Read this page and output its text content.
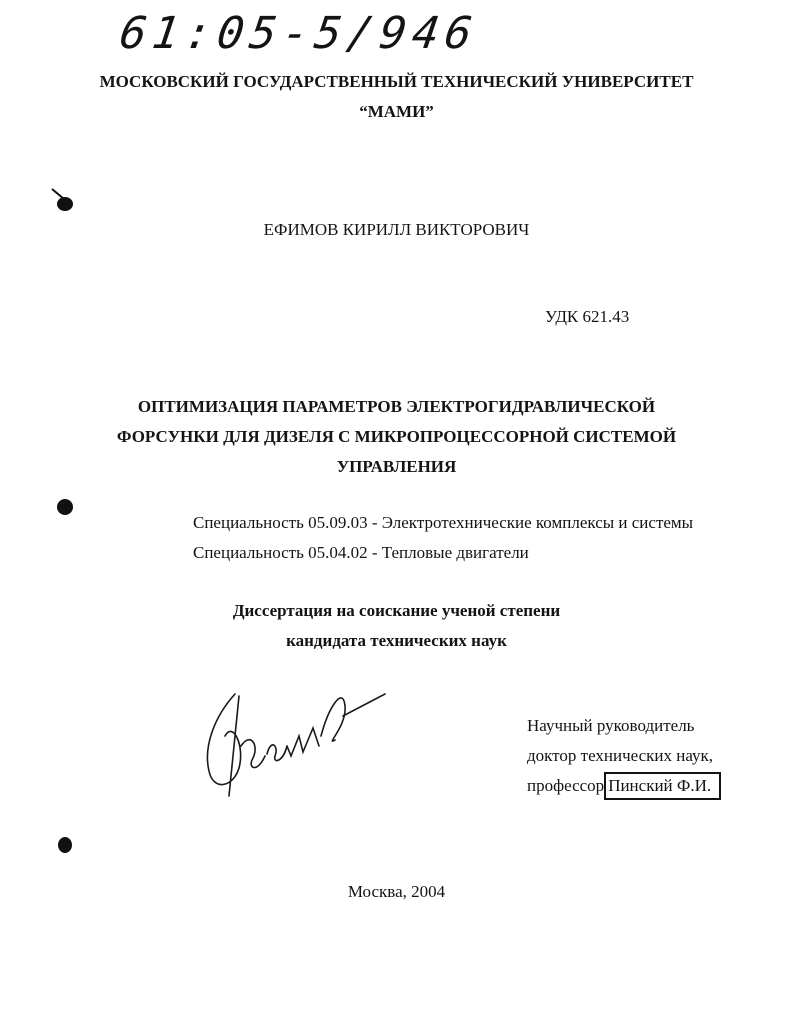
61:05-5/946
МОСКОВСКИЙ ГОСУДАРСТВЕННЫЙ ТЕХНИЧЕСКИЙ УНИВЕРСИТЕТ
“МАМИ”
ЕФИМОВ КИРИЛЛ ВИКТОРОВИЧ
УДК 621.43
ОПТИМИЗАЦИЯ ПАРАМЕТРОВ ЭЛЕКТРОГИДРАВЛИЧЕСКОЙ
ФОРСУНКИ ДЛЯ ДИЗЕЛЯ С МИКРОПРОЦЕССОРНОЙ СИСТЕМОЙ
УПРАВЛЕНИЯ
Специальность 05.09.03 - Электротехнические комплексы и системы
Специальность 05.04.02 - Тепловые двигатели
Диссертация на соискание ученой степени
кандидата технических наук
Научный руководитель
доктор технических наук,
профессор Пинский Ф.И.
Москва, 2004
